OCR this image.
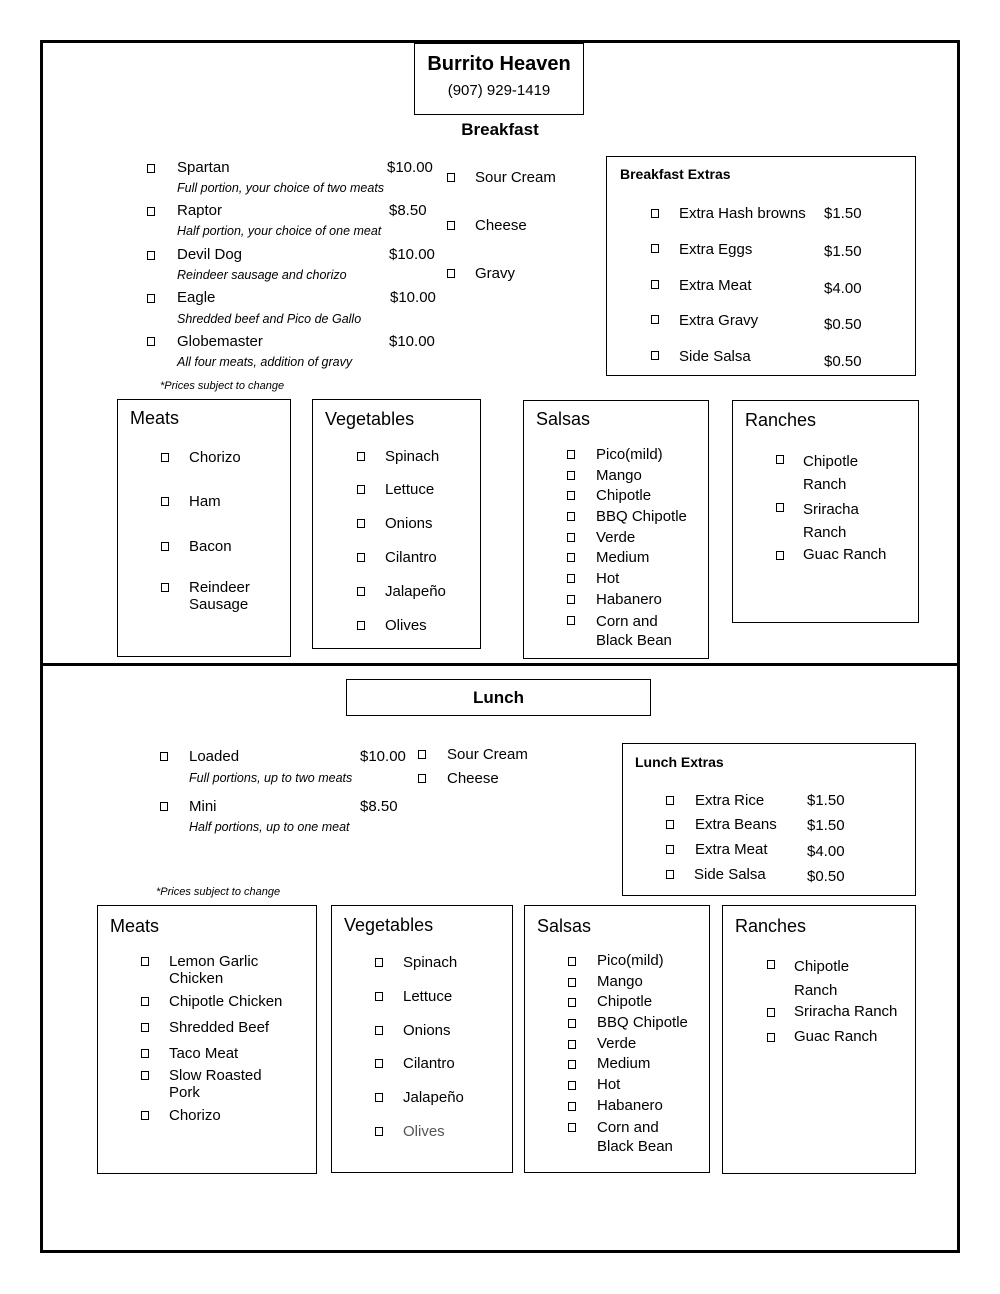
Burrito Heaven
(907) 929-1419
Breakfast
Spartan	$10.00
Full portion, your choice of two meats
Raptor	$8.50
Half portion, your choice of one meat
Devil Dog	$10.00
Reindeer sausage and chorizo
Eagle	$10.00
Shredded beef and Pico de Gallo
Globemaster	$10.00
All four meats, addition of gravy
*Prices subject to change
Sour Cream
Cheese
Gravy
Breakfast Extras
Extra Hash browns $1.50
Extra Eggs	$1.50
Extra Meat	$4.00
Extra Gravy	$0.50
Side Salsa	$0.50
Meats
Chorizo
Ham
Bacon
Reindeer Sausage
Vegetables
Spinach
Lettuce
Onions
Cilantro
Jalapeño
Olives
Salsas
Pico(mild)
Mango
Chipotle
BBQ Chipotle
Verde
Medium
Hot
Habanero
Corn and Black Bean
Ranches
Chipotle Ranch
Sriracha Ranch
Guac Ranch
Lunch
Loaded	$10.00
Full portions, up to two meats
Mini	$8.50
Half portions, up to one meat
*Prices subject to change
Sour Cream
Cheese
Lunch Extras
Extra Rice	$1.50
Extra Beans $1.50
Extra Meat	$4.00
Side Salsa	$0.50
Meats
Lemon Garlic Chicken
Chipotle Chicken
Shredded Beef
Taco Meat
Slow Roasted Pork
Chorizo
Vegetables
Spinach
Lettuce
Onions
Cilantro
Jalapeño
Olives
Salsas
Pico(mild)
Mango
Chipotle
BBQ Chipotle
Verde
Medium
Hot
Habanero
Corn and Black Bean
Ranches
Chipotle Ranch
Sriracha Ranch
Guac Ranch
